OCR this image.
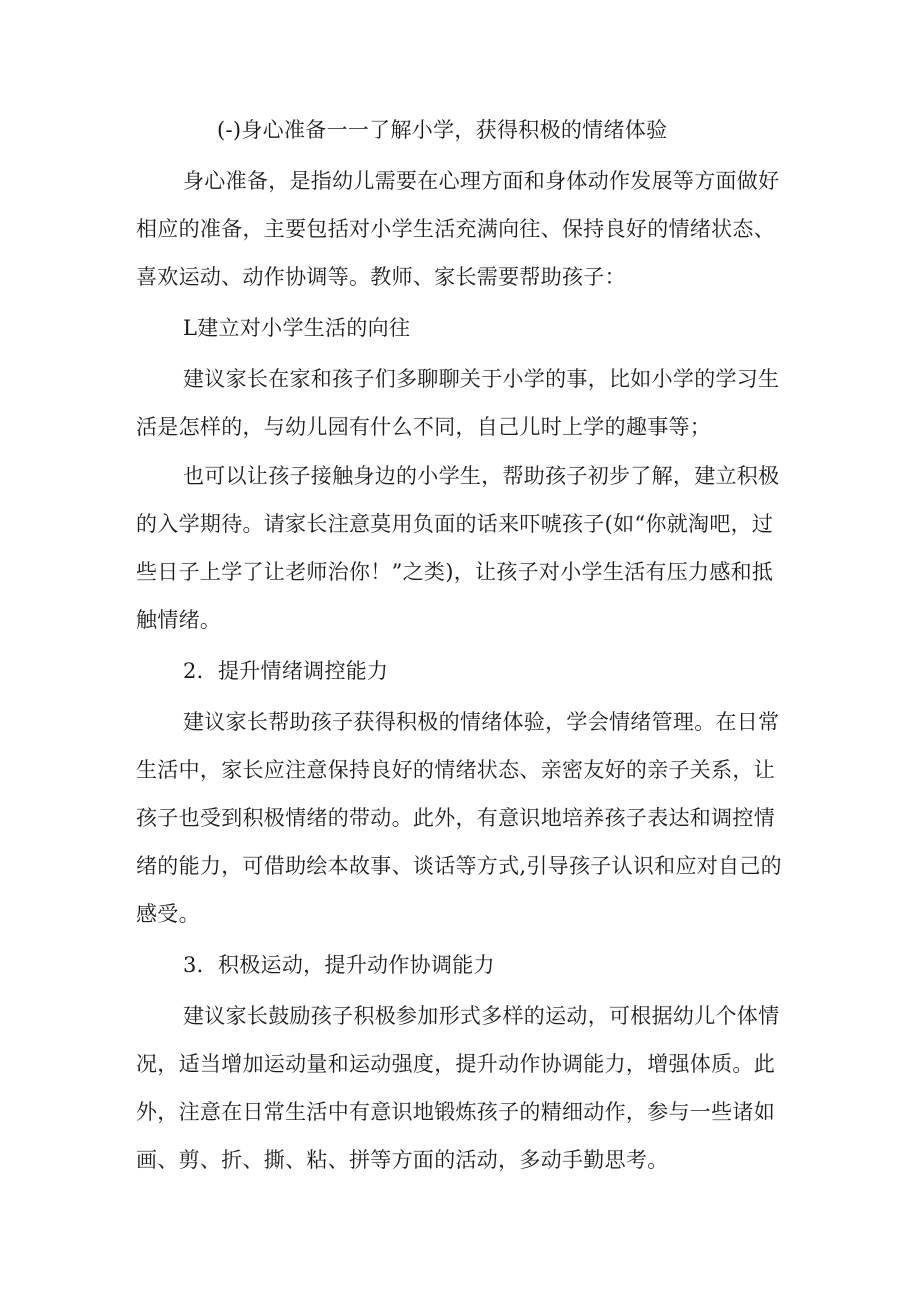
(-)身心准备一一了解小学，获得积极的情绪体验
身心准备，是指幼儿需要在心理方面和身体动作发展等方面做好
相应的准备，主要包括对小学生活充满向往、保持良好的情绪状态、
喜欢运动、动作协调等。教师、家长需要帮助孩子：
L建立对小学生活的向往
建议家长在家和孩子们多聊聊关于小学的事，比如小学的学习生
活是怎样的，与幼儿园有什么不同，自己儿时上学的趣事等；
也可以让孩子接触身边的小学生，帮助孩子初步了解，建立积极
的入学期待。请家长注意莫用负面的话来吓唬孩子(如“你就淘吧，过
些日子上学了让老师治你！”之类)，让孩子对小学生活有压力感和抵
触情绪。
2．提升情绪调控能力
建议家长帮助孩子获得积极的情绪体验，学会情绪管理。在日常
生活中，家长应注意保持良好的情绪状态、亲密友好的亲子关系，让
孩子也受到积极情绪的带动。此外，有意识地培养孩子表达和调控情
绪的能力，可借助绘本故事、谈话等方式,引导孩子认识和应对自己的
感受。
3．积极运动，提升动作协调能力
建议家长鼓励孩子积极参加形式多样的运动，可根据幼儿个体情
况，适当增加运动量和运动强度，提升动作协调能力，增强体质。此
外，注意在日常生活中有意识地锻炼孩子的精细动作，参与一些诸如
画、剪、折、撕、粘、拼等方面的活动，多动手勤思考。
